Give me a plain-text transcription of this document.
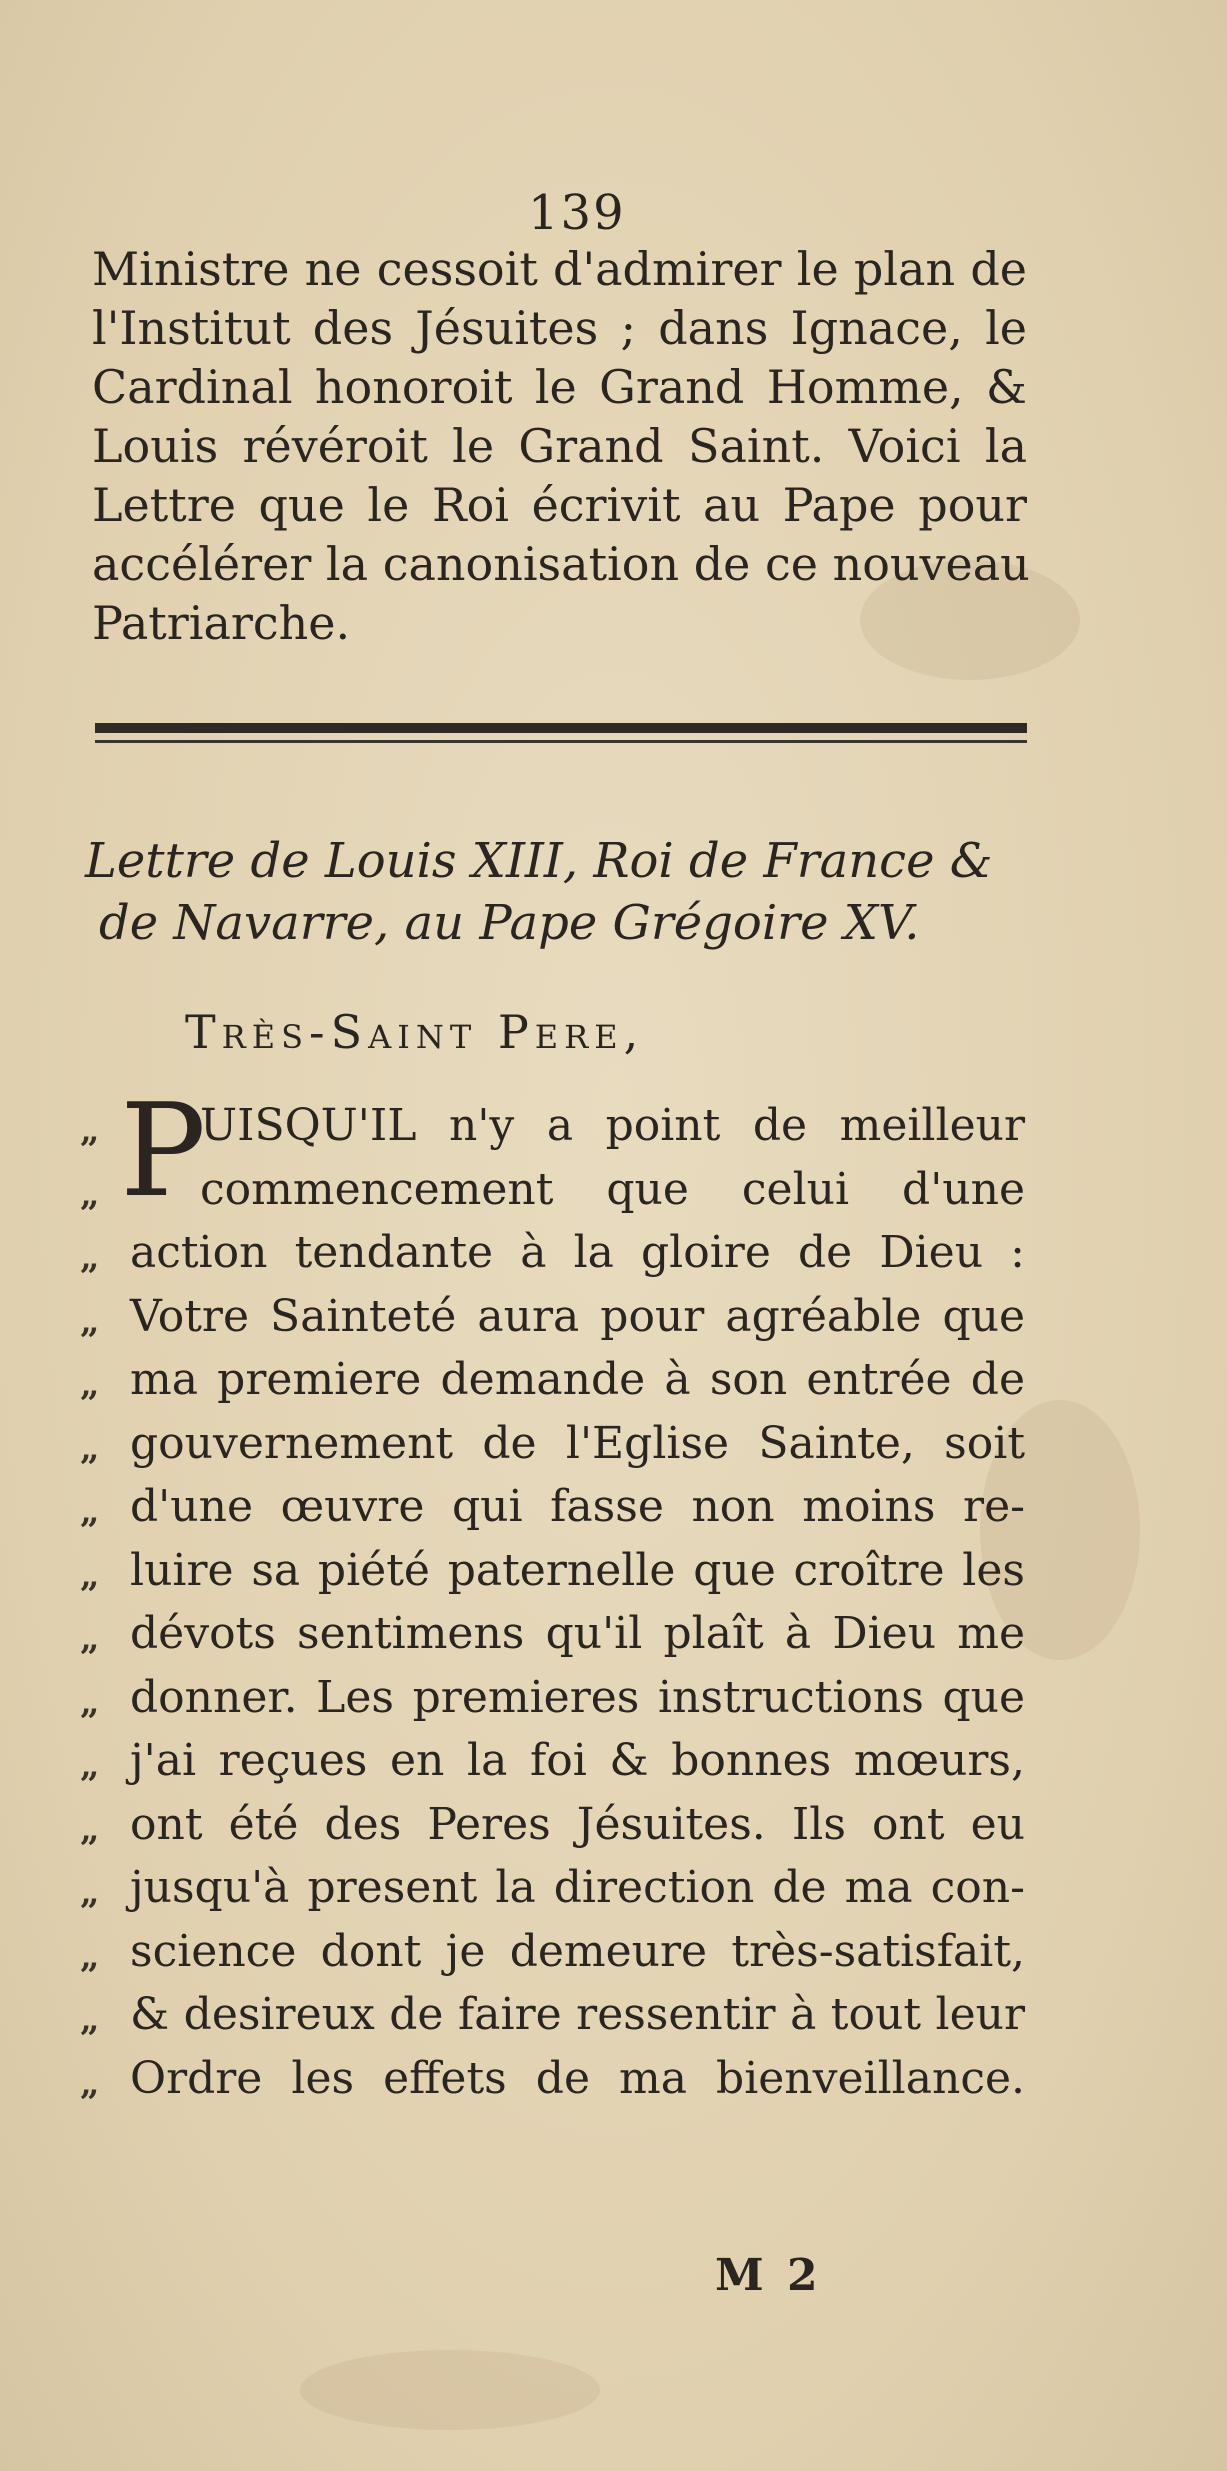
139
Ministre ne cessoit d'admirer le plan de
l'Institut des Jésuites ; dans Ignace, le
Cardinal honoroit le Grand Homme, &
Louis révéroit le Grand Saint. Voici la
Lettre que le Roi écrivit au Pape pour
accélérer la canonisation de ce nouveau
Patriarche.
Lettre de Louis XIII, Roi de France &
de Navarre, au Pape Grégoire XV.
Très-Saint Pere,
„
„
„
„
„
„
„
„
„
„
„
„
„
„
„
„
P
UISQU'IL n'y a point de meilleur
commencement que celui d'une
action tendante à la gloire de Dieu :
Votre Sainteté aura pour agréable que
ma premiere demande à son entrée de
gouvernement de l'Eglise Sainte, soit
d'une œuvre qui fasse non moins re-
luire sa piété paternelle que croître les
dévots sentimens qu'il plaît à Dieu me
donner. Les premieres instructions que
j'ai reçues en la foi & bonnes mœurs,
ont été des Peres Jésuites. Ils ont eu
jusqu'à present la direction de ma con-
science dont je demeure très-satisfait,
& desireux de faire ressentir à tout leur
Ordre les effets de ma bienveillance.
M 2
